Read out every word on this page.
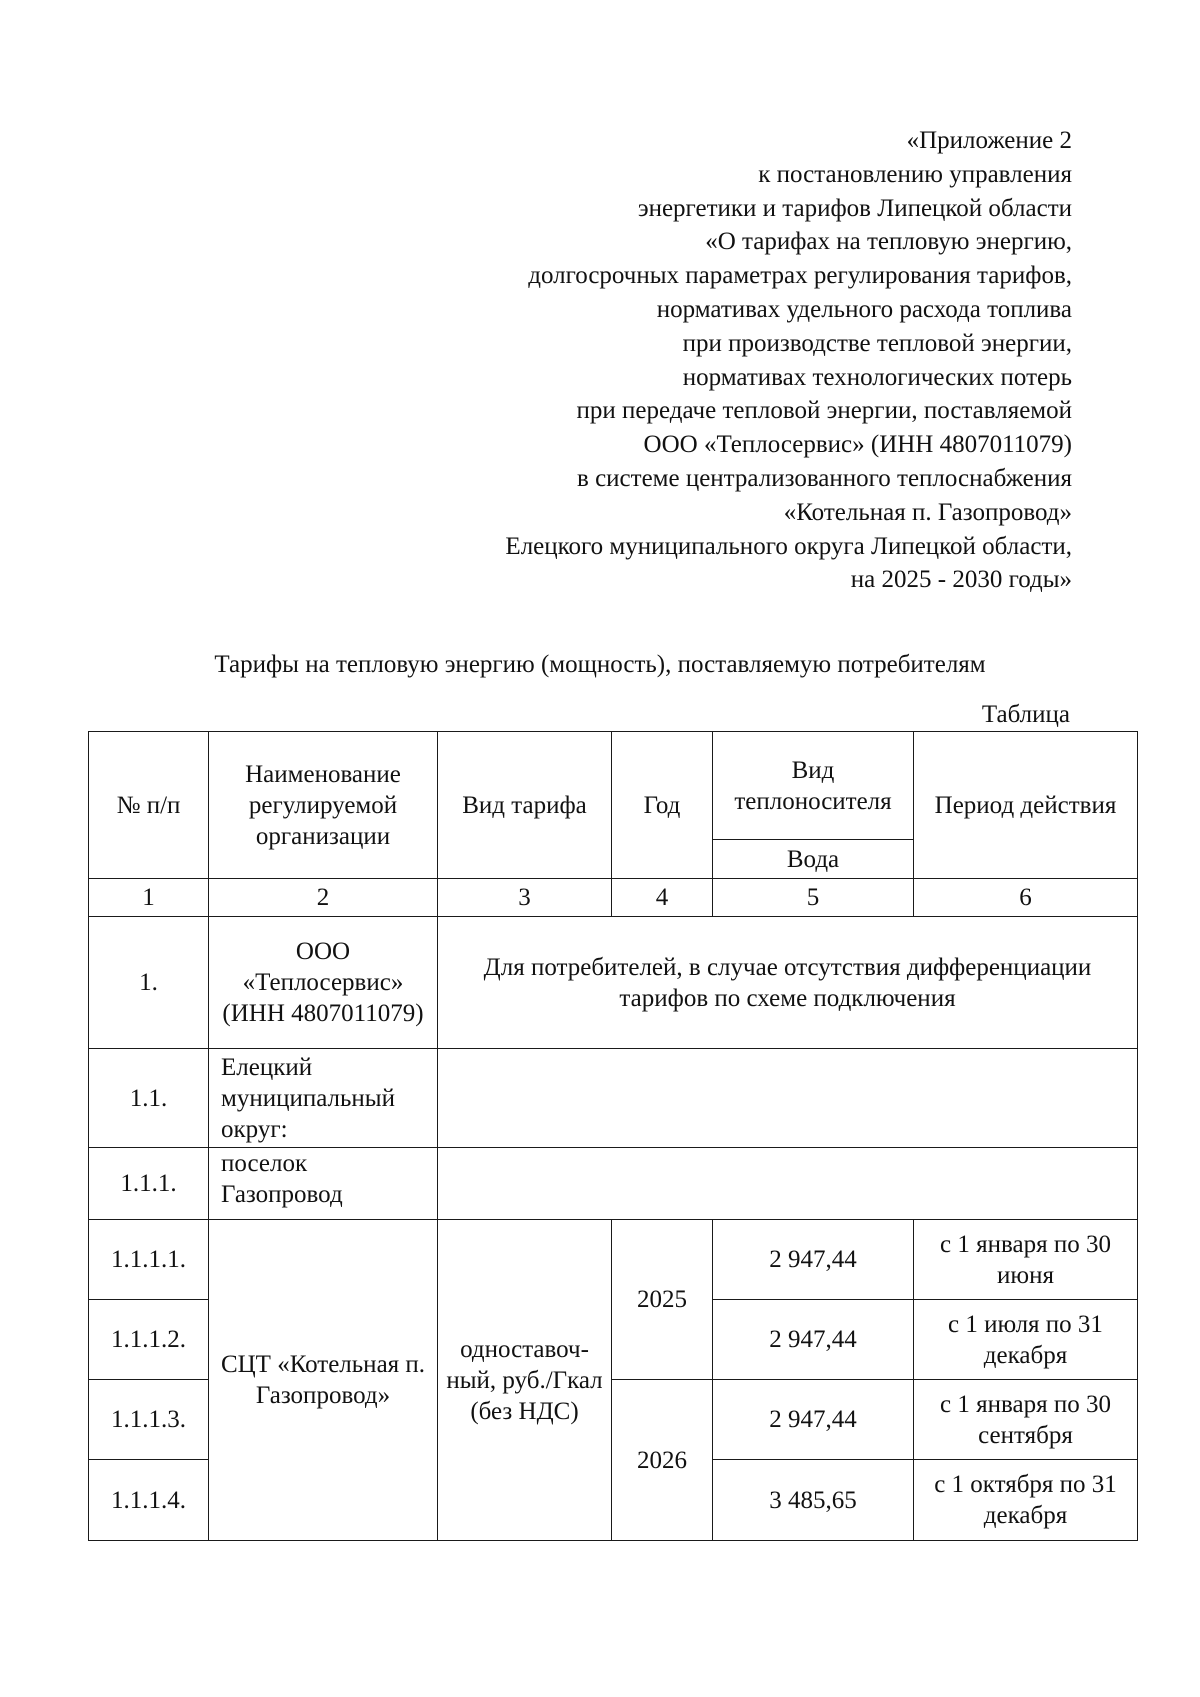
«Приложение 2
к постановлению управления
энергетики и тарифов Липецкой области
«О тарифах на тепловую энергию,
долгосрочных параметрах регулирования тарифов,
нормативах удельного расхода топлива
при производстве тепловой энергии,
нормативах технологических потерь
при передаче тепловой энергии, поставляемой
ООО «Теплосервис» (ИНН 4807011079)
в системе централизованного теплоснабжения
«Котельная п. Газопровод»
Елецкого муниципального округа Липецкой области,
на 2025 - 2030 годы»
Тарифы на тепловую энергию (мощность), поставляемую потребителям
Таблица
№ п/п	Наименование регулируемой организации	Вид тарифа	Год	Вид теплоносителя	Период действия
				Вода	
1	2	3	4	5	6
1.	ООО «Теплосервис» (ИНН 4807011079)	Для потребителей, в случае отсутствия дифференциации тарифов по схеме подключения			
1.1.	Елецкий муниципальный округ:				
1.1.1.	поселок Газопровод				
1.1.1.1.	СЦТ «Котельная п. Газопровод»	одноставоч-ный, руб./Гкал (без НДС)	2025	2 947,44	с 1 января по 30 июня
1.1.1.2.				2 947,44	с 1 июля по 31 декабря
1.1.1.3.			2026	2 947,44	с 1 января по 30 сентября
1.1.1.4.				3 485,65	с 1 октября по 31 декабря
